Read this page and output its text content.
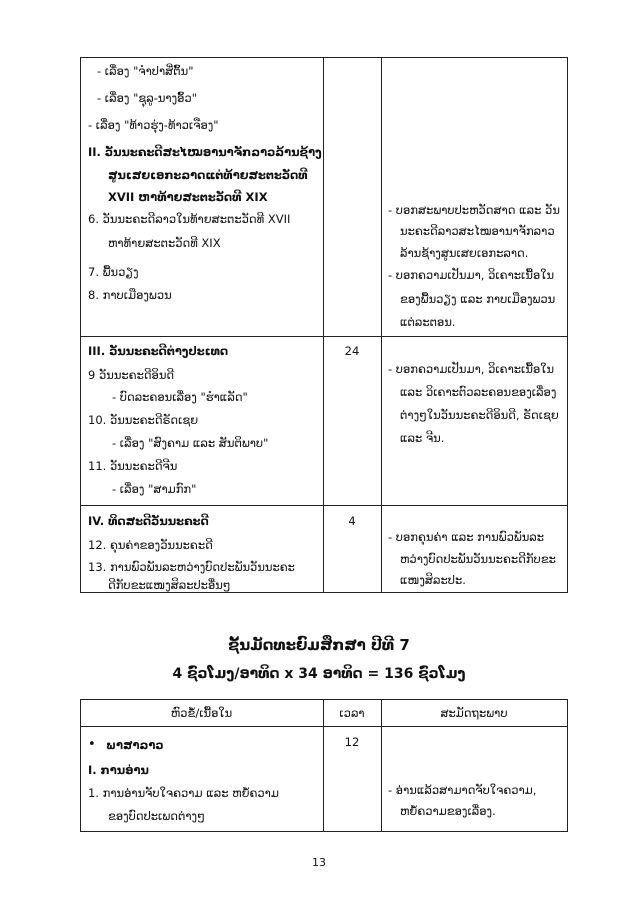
- ເລື່ອງ "ຈຳປາສີ່ຕົ້ນ"
- ເລື່ອງ "ຊຸລູ-ນາງອົ້ວ"
- ເລື່ອງ "ທ້າວຮຸ່ງ-ທ້າວເຈືອງ"
II. ວັນນະຄະດີສະໄໝອານາຈັກລາວລ້ານຊ້າງ
ສູນເສຍເອກະລາດແຕ່ທ້າຍສະຕະວັດທີ
XVII ຫາທ້າຍສະຕະວັດທີ XIX
6. ວັນນະຄະດີລາວໃນທ້າຍສະຕະວັດທີ XVII
ຫາທ້າຍສະຕະວັດທີ XIX
7. ພື້ນວຽງ
8. ກາບເມືອງພວນ
- ບອກສະພາບປະຫວັດສາດ ແລະ ວັນ
ນະຄະດີລາວສະໄໝອານາຈັກລາວ
ລ້ານຊ້າງສູນເສຍເອກະລາດ.
- ບອກຄວາມເປັນມາ, ວິເຄາະເນື້ອໃນ
ຂອງພື້ນວຽງ ແລະ ກາບເມືອງພວນ
ແຕ່ລະຕອນ.
III. ວັນນະຄະດີຕ່າງປະເທດ
9 ວັນນະຄະດີອິນດີ
- ບົດລະຄອນເລື່ອງ "ຮຳແລັດ"
10. ວັນນະຄະດີຣັດເຊຍ
- ເລື່ອງ "ສົງຄາມ ແລະ ສັນຕິພາບ"
11. ວັນນະຄະດີຈີນ
- ເລື່ອງ "ສາມກົກ"
24
- ບອກຄວາມເປັນມາ, ວິເຄາະເນື້ອໃນ
ແລະ ວິເຄາະຕົວລະຄອນຂອງເລື່ອງ
ຕ່າງໆໃນວັນນະຄະດີອິນດີ, ຣັດເຊຍ
ແລະ ຈີນ.
IV. ທິດສະດີວັນນະຄະດີ
12. ຄຸນຄ່າຂອງວັນນະຄະດີ
13. ການພົວພັນລະຫວ່າງບົດປະພັນວັນນະຄະ
ດີກັບຂະແໜງສິລະປະອື່ນໆ
4
- ບອກຄຸນຄ່າ ແລະ ການພົວພັນລະ
ຫວ່າງບົດປະພັນວັນນະຄະດີກັບຂະ
ແໜງສິລະປະ.
ຊັ້ນມັດທະຍົມສຶກສາ ປີທີ 7
4 ຊົ່ວໂມງ/ອາທິດ x 34 ອາທິດ = 136 ຊົ່ວໂມງ
ຫົວຂໍ້/ເນື້ອໃນ	ເວລາ	ສະມັດຖະພາບ
• ພາສາລາວ
I. ການອ່ານ
1. ການອ່ານຈັບໃຈຄວາມ ແລະ ຫຍໍ້ຄວາມ
ຂອງບົດປະເພດຕ່າງໆ
12
- ອ່ານແລ້ວສາມາດຈັບໃຈຄວາມ,
ຫຍໍ້ຄວາມຂອງເລື່ອງ.
13
